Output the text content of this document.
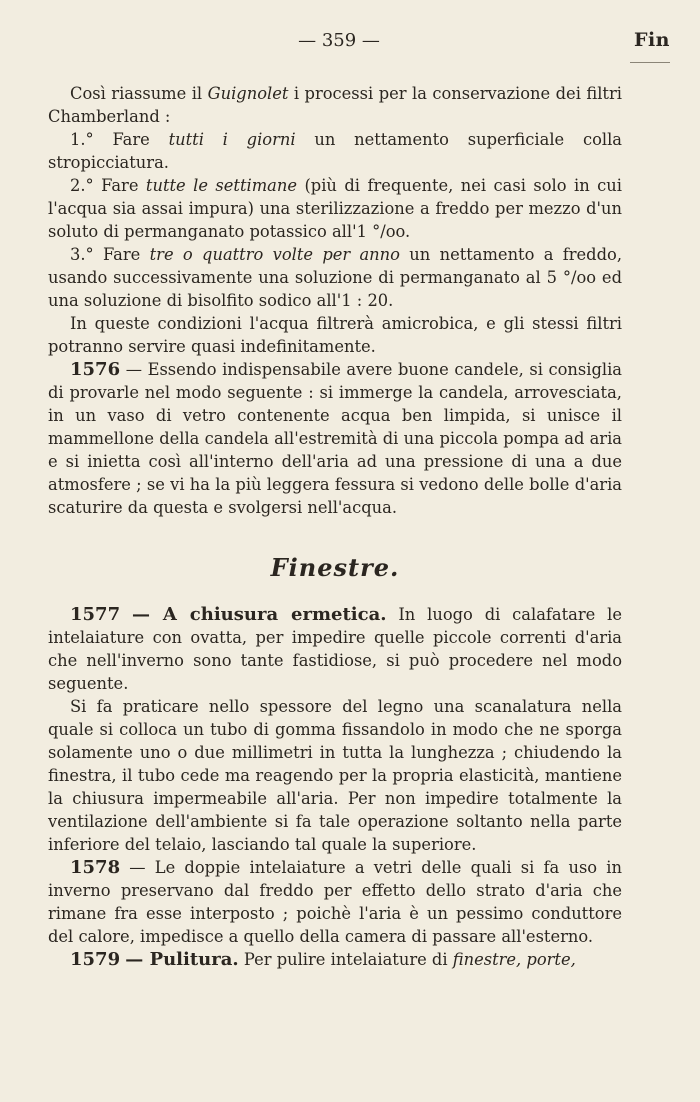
— 359 —	Fin

Così riassume il Guignolet i processi per la conservazione dei filtri Chamberland :

1.° Fare tutti i giorni un nettamento superficiale colla stropicciatura.

2.° Fare tutte le settimane (più di frequente, nei casi solo in cui l'acqua sia assai impura) una sterilizzazione a freddo per mezzo d'un soluto di permanganato potassico all'1 °/oo.

3.° Fare tre o quattro volte per anno un nettamento a freddo, usando successivamente una soluzione di permanganato al 5 °/oo ed una soluzione di bisolfito sodico all'1 : 20.

In queste condizioni l'acqua filtrerà amicrobica, e gli stessi filtri potranno servire quasi indefinitamente.

1576 — Essendo indispensabile avere buone candele, si consiglia di provarle nel modo seguente : si immerge la candela, arrovesciata, in un vaso di vetro contenente acqua ben limpida, si unisce il mammellone della candela all'estremità di una piccola pompa ad aria e si inietta così all'interno dell'aria ad una pressione di una a due atmosfere ; se vi ha la più leggera fessura si vedono delle bolle d'aria scaturire da questa e svolgersi nell'acqua.

Finestre.

1577 — A chiusura ermetica. In luogo di calafatare le intelaiature con ovatta, per impedire quelle piccole correnti d'aria che nell'inverno sono tante fastidiose, si può procedere nel modo seguente.

Si fa praticare nello spessore del legno una scanalatura nella quale si colloca un tubo di gomma fissandolo in modo che ne sporga solamente uno o due millimetri in tutta la lunghezza ; chiudendo la finestra, il tubo cede ma reagendo per la propria elasticità, mantiene la chiusura impermeabile all'aria. Per non impedire totalmente la ventilazione dell'ambiente si fa tale operazione soltanto nella parte inferiore del telaio, lasciando tal quale la superiore.

1578 — Le doppie intelaiature a vetri delle quali si fa uso in inverno preservano dal freddo per effetto dello strato d'aria che rimane fra esse interposto ; poichè l'aria è un pessimo conduttore del calore, impedisce a quello della camera di passare all'esterno.

1579 — Pulitura. Per pulire intelaiature di finestre, porte,
